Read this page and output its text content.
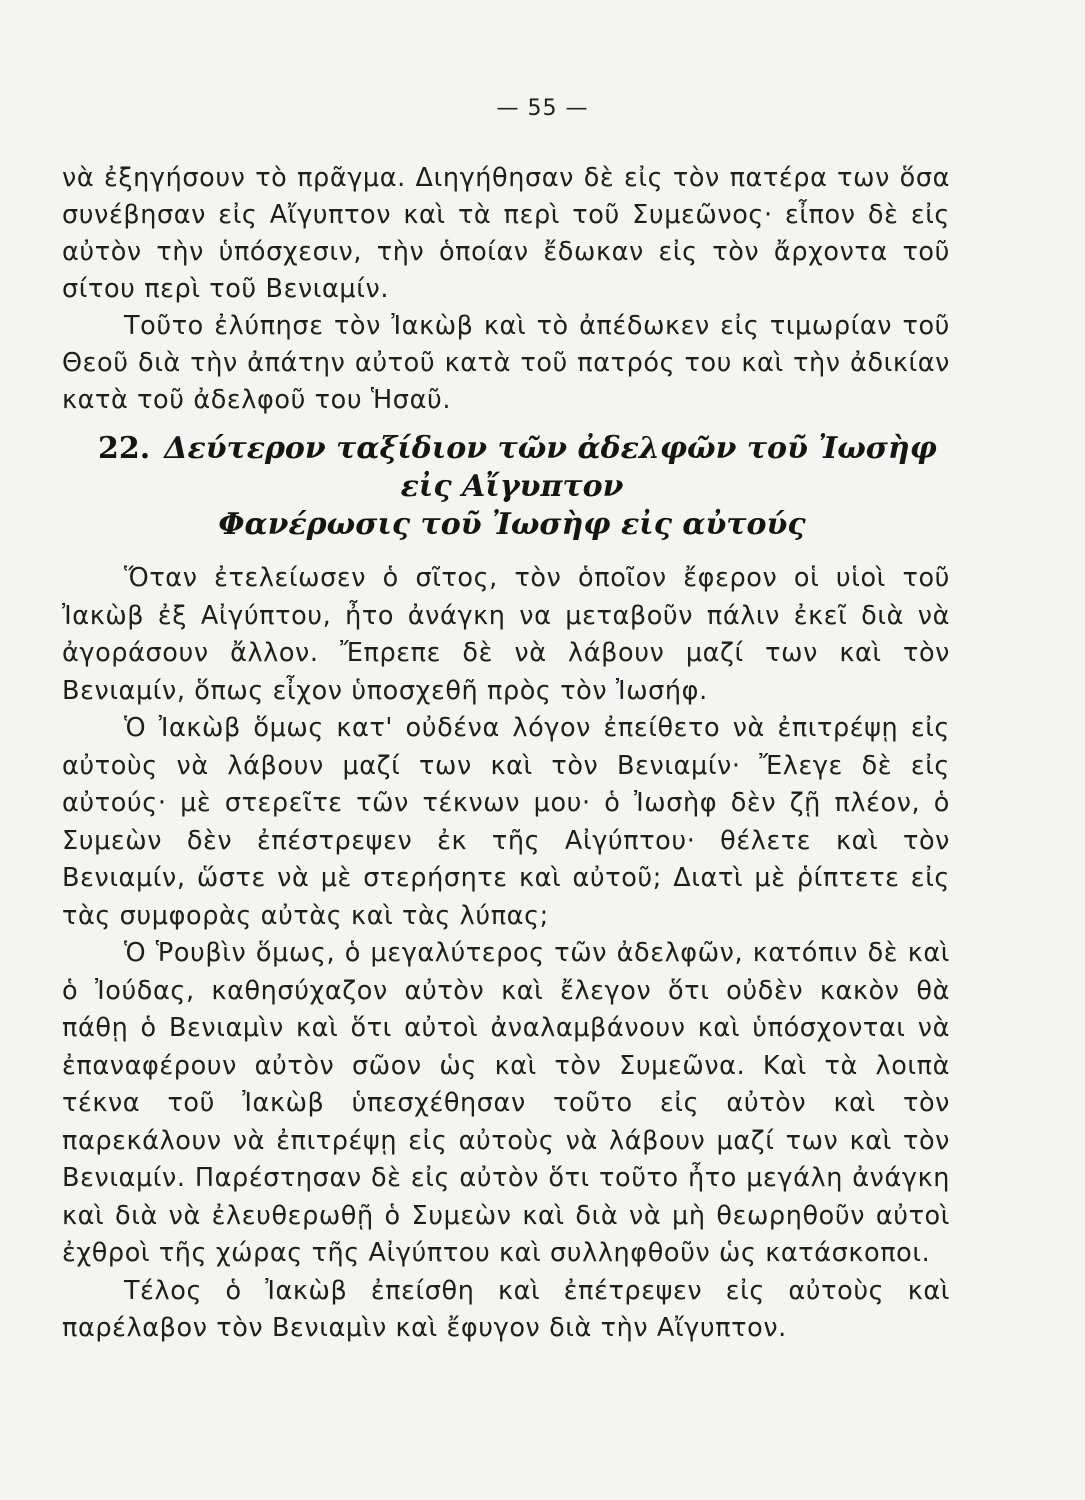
— 55 —

νὰ ἐξηγήσουν τὸ πρᾶγμα. Διηγήθησαν δὲ εἰς τὸν πατέρα των ὅσα συνέβησαν εἰς Αἴγυπτον καὶ τὰ περὶ τοῦ Συμεῶνος· εἶπον δὲ εἰς αὐτὸν τὴν ὑπόσχεσιν, τὴν ὁποίαν ἔδωκαν εἰς τὸν ἄρχοντα τοῦ σίτου περὶ τοῦ Βενιαμίν.

Τοῦτο ἐλύπησε τὸν Ἰακὼβ καὶ τὸ ἀπέδωκεν εἰς τιμωρίαν τοῦ Θεοῦ διὰ τὴν ἀπάτην αὐτοῦ κατὰ τοῦ πατρός του καὶ τὴν ἀδικίαν κατὰ τοῦ ἀδελφοῦ του Ἡσαῦ.

22. Δεύτερον ταξίδιον τῶν ἀδελφῶν τοῦ Ἰωσὴφ
εἰς Αἴγυπτον
Φανέρωσις τοῦ Ἰωσὴφ εἰς αὐτούς

Ὅταν ἐτελείωσεν ὁ σῖτος, τὸν ὁποῖον ἔφερον οἱ υἱοὶ τοῦ Ἰακὼβ ἐξ Αἰγύπτου, ἦτο ἀνάγκη να μεταβοῦν πάλιν ἐκεῖ διὰ νὰ ἀγοράσουν ἄλλον. Ἔπρεπε δὲ νὰ λάβουν μαζί των καὶ τὸν Βενιαμίν, ὅπως εἶχον ὑποσχεθῆ πρὸς τὸν Ἰωσήφ.

Ὁ Ἰακὼβ ὅμως κατ' οὐδένα λόγον ἐπείθετο νὰ ἐπιτρέψῃ εἰς αὐτοὺς νὰ λάβουν μαζί των καὶ τὸν Βενιαμίν· Ἔλεγε δὲ εἰς αὐτούς· μὲ στερεῖτε τῶν τέκνων μου· ὁ Ἰωσὴφ δὲν ζῇ πλέον, ὁ Συμεὼν δὲν ἐπέστρεψεν ἐκ τῆς Αἰγύπτου· θέλετε καὶ τὸν Βενιαμίν, ὥστε νὰ μὲ στερήσητε καὶ αὐτοῦ; Διατὶ μὲ ῥίπτετε εἰς τὰς συμφορὰς αὐτὰς καὶ τὰς λύπας;

Ὁ Ῥουβὶν ὅμως, ὁ μεγαλύτερος τῶν ἀδελφῶν, κατόπιν δὲ καὶ ὁ Ἰούδας, καθησύχαζον αὐτὸν καὶ ἔλεγον ὅτι οὐδὲν κακὸν θὰ πάθῃ ὁ Βενιαμὶν καὶ ὅτι αὐτοὶ ἀναλαμβάνουν καὶ ὑπόσχονται νὰ ἐπαναφέρουν αὐτὸν σῶον ὡς καὶ τὸν Συμεῶνα. Καὶ τὰ λοιπὰ τέκνα τοῦ Ἰακὼβ ὑπεσχέθησαν τοῦτο εἰς αὐτὸν καὶ τὸν παρεκάλουν νὰ ἐπιτρέψῃ εἰς αὐτοὺς νὰ λάβουν μαζί των καὶ τὸν Βενιαμίν. Παρέστησαν δὲ εἰς αὐτὸν ὅτι τοῦτο ἦτο μεγάλη ἀνάγκη καὶ διὰ νὰ ἐλευθερωθῇ ὁ Συμεὼν καὶ διὰ νὰ μὴ θεωρηθοῦν αὐτοὶ ἐχθροὶ τῆς χώρας τῆς Αἰγύπτου καὶ συλληφθοῦν ὡς κατάσκοποι.

Τέλος ὁ Ἰακὼβ ἐπείσθη καὶ ἐπέτρεψεν εἰς αὐτοὺς καὶ παρέλαβον τὸν Βενιαμὶν καὶ ἔφυγον διὰ τὴν Αἴγυπτον.
